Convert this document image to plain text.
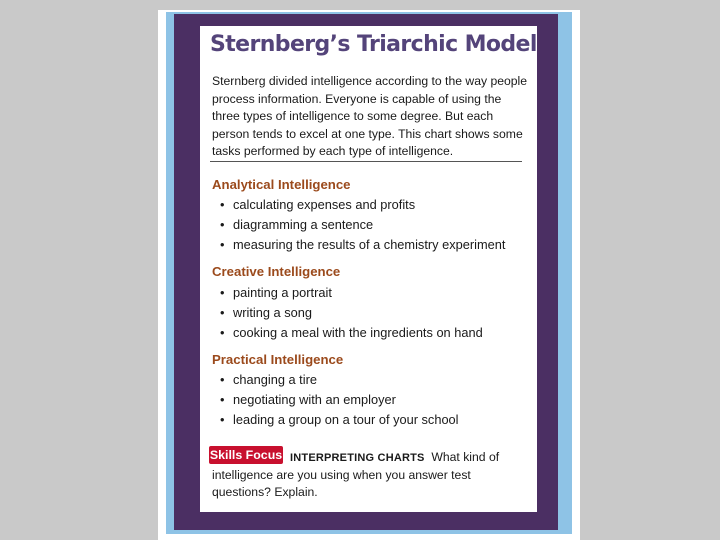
Sternberg’s Triarchic Model
Sternberg divided intelligence according to the way people process information. Everyone is capable of using the three types of intelligence to some degree. But each person tends to excel at one type. This chart shows some tasks performed by each type of intelligence.
Analytical Intelligence
• calculating expenses and profits
• diagramming a sentence
• measuring the results of a chemistry experiment
Creative Intelligence
• painting a portrait
• writing a song
• cooking a meal with the ingredients on hand
Practical Intelligence
• changing a tire
• negotiating with an employer
• leading a group on a tour of your school
Skills Focus INTERPRETING CHARTS What kind of intelligence are you using when you answer test questions? Explain.
